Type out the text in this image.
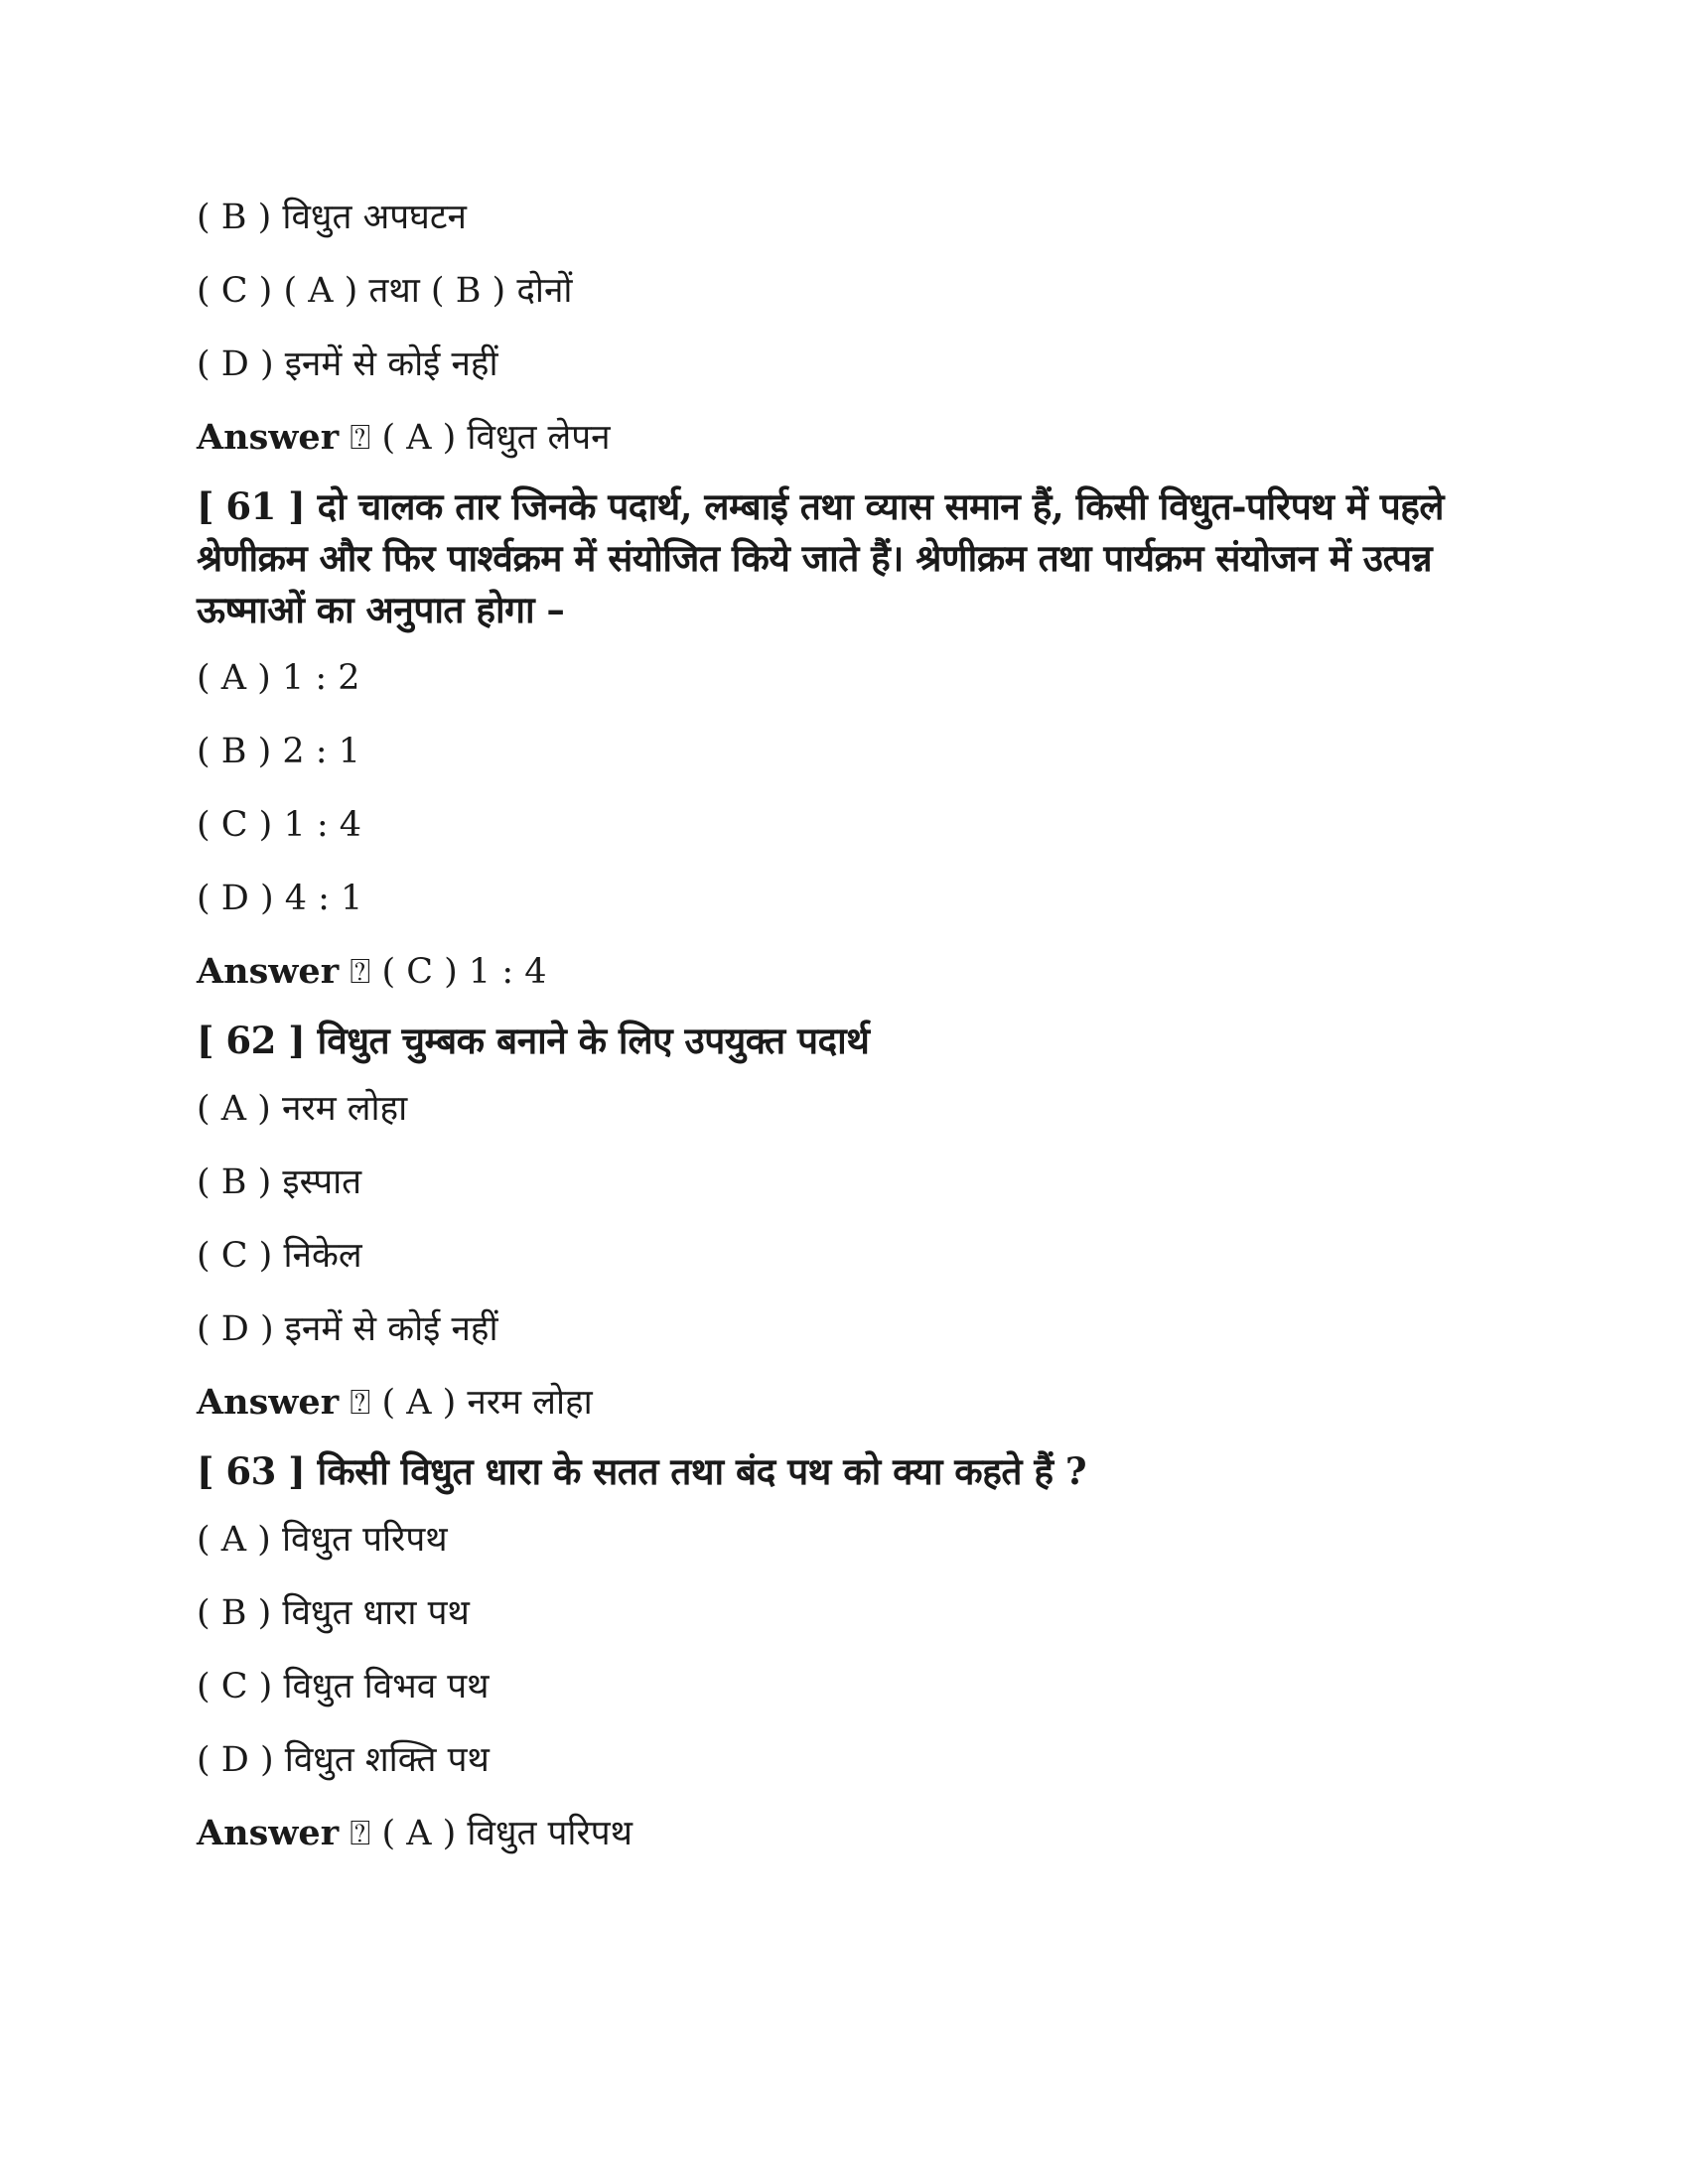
( B ) विधुत अपघटन
( C ) ( A ) तथा ( B ) दोनों
( D ) इनमें से कोई नहीं
Answer ⍰ ( A ) विधुत लेपन
[ 61 ] दो चालक तार जिनके पदार्थ, लम्बाई तथा व्यास समान हैं, किसी विधुत-परिपथ में पहले श्रेणीक्रम और फिर पार्श्वक्रम में संयोजित किये जाते हैं। श्रेणीक्रम तथा पार्यक्रम संयोजन में उत्पन्न ऊष्माओं का अनुपात होगा –
( A ) 1 : 2
( B ) 2 : 1
( C ) 1 : 4
( D ) 4 : 1
Answer ⍰ ( C ) 1 : 4
[ 62 ] विधुत चुम्बक बनाने के लिए उपयुक्त पदार्थ
( A ) नरम लोहा
( B ) इस्पात
( C ) निकेल
( D ) इनमें से कोई नहीं
Answer ⍰ ( A ) नरम लोहा
[ 63 ] किसी विधुत धारा के सतत तथा बंद पथ को क्या कहते हैं ?
( A ) विधुत परिपथ
( B ) विधुत धारा पथ
( C ) विधुत विभव पथ
( D ) विधुत शक्ति पथ
Answer ⍰ ( A ) विधुत परिपथ
